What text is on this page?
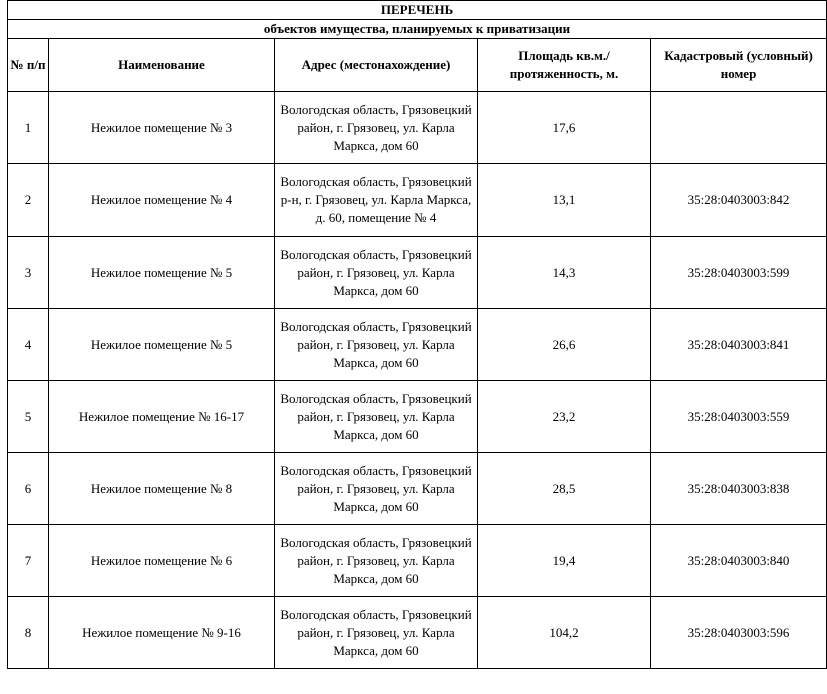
ПЕРЕЧЕНЬ				
объектов имущества, планируемых к приватизации				
№ п/п	Наименование	Адрес (местонахождение)	Площадь кв.м./ протяженность, м.	Кадастровый (условный) номер
1	Нежилое помещение № 3	Вологодская область, Грязовецкий район, г. Грязовец, ул. Карла Маркса, дом 60	17,6	
2	Нежилое помещение № 4	Вологодская область, Грязовецкий р-н, г. Грязовец, ул. Карла Маркса, д. 60, помещение № 4	13,1	35:28:0403003:842
3	Нежилое помещение № 5	Вологодская область, Грязовецкий район, г. Грязовец, ул. Карла Маркса, дом 60	14,3	35:28:0403003:599
4	Нежилое помещение № 5	Вологодская область, Грязовецкий район, г. Грязовец, ул. Карла Маркса, дом 60	26,6	35:28:0403003:841
5	Нежилое помещение № 16-17	Вологодская область, Грязовецкий район, г. Грязовец, ул. Карла Маркса, дом 60	23,2	35:28:0403003:559
6	Нежилое помещение № 8	Вологодская область, Грязовецкий район, г. Грязовец, ул. Карла Маркса, дом 60	28,5	35:28:0403003:838
7	Нежилое помещение № 6	Вологодская область, Грязовецкий район, г. Грязовец, ул. Карла Маркса, дом 60	19,4	35:28:0403003:840
8	Нежилое помещение № 9-16	Вологодская область, Грязовецкий район, г. Грязовец, ул. Карла Маркса, дом 60	104,2	35:28:0403003:596
